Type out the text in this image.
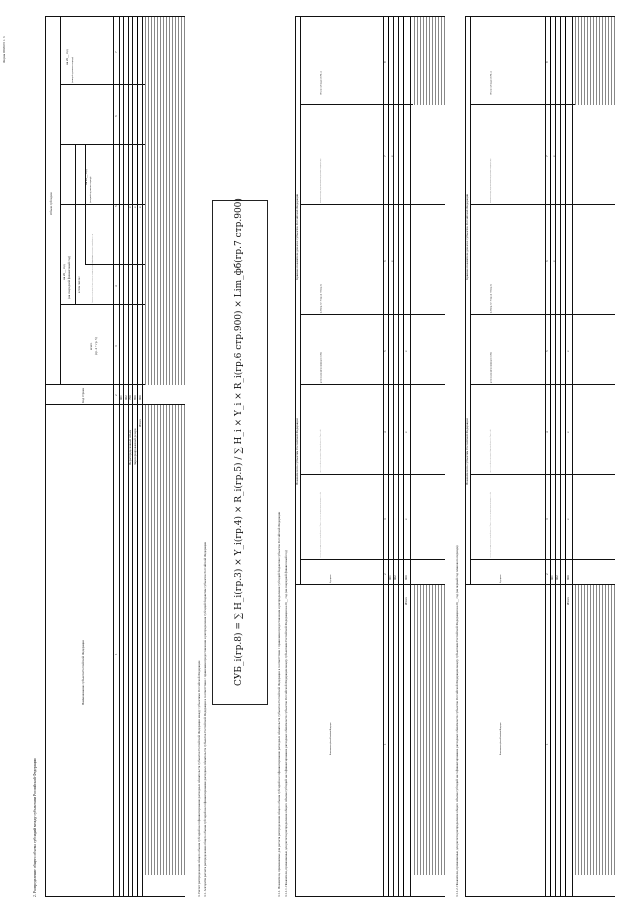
Форма 0503072 c. 3
2. Распределение общего объема субсидий между субъектами Российской Федерации
Наименование субъекта Российской Федерации
Код строки
Объем субсидии
на 20__ год (на очередной финансовый год)
всего (гр. 4 + гр. 5)
в том числе:	объем расходов на осуществление субсидии в соответствии с правилами распределения объемов субсидий
остатки средств, не использованных на начало финансового года
на 20__ год (на первый год планового периода)
на 20__ год (на второй год планового периода)
1
2
3
4
5
6
7
001 002
Нераспределенный объем
700
Зарезервированный резерв
800
Итого
900
x x x
3. Расчет распределения общего объема субсидий на софинансирование расходных обязательств субъектов Российской Федерации между субъектами Российской Федерации 3.1. Алгоритм расчета распределения общего объема субсидий на софинансирование расходных обязательств субъектов Российской Федерации в соответствии с правилами предоставления и распределения субсидий бюджетам субъектов Российской Федерации
СУБ_i(гр.8) = ∑ H_i(гр.3) × Y_i(гр.4) × R_i(гр.5) / ∑ H_i × Y_i × R_i(гр.6 стр.900) × Lim_фб(гр.7 стр.900)
3.1.1. Показатели, применяемые для расчета распределения общего объема субсидий на софинансирование расходных обязательств субъектов Российской Федерации в соответствии с правилами предоставления и распределения субсидий бюджетам субъектов Российской Федерации 3.1.1.1. Показатели, применяемые для расчета распределения общего объема субсидий на софинансирование расходных обязательств субъектов Российской Федерации между субъектами Российской Федерации на 20__ год (на очередной финансовый год)
Показатели по субъектам Российской Федерации
Краевые показатели для всех субъектов Российской Федерации
Наименование субъекта Российской Федерации
Код строки
численность населения, нуждающегося в мероприятиях субъекта Российской Федерации, по которым осуществляется государственная поддержка, тыс. чел. (Ni)
предельный уровень софинансирования расходного обязательства субъекта Российской Федерации, % (Yi)
региональный коэффициент (Ri)
∑ Hi(гр.3) × Yi(гр.4) × Ri(гр.5)
общий объем расходов, предусмотренный на предоставление субсидий (Lim_фб)
Объем субсидии (СУБ_i)
1
2
3
4
5
6
7
8
001 002
Итого
900
x
x
x
x
x
3.1.1.2. Показатели, применяемые для расчета распределения общего объема субсидий на софинансирование расходных обязательств субъектов Российской Федерации между субъектами Российской Федерации на 20__ год (на первый год планового периода)
Показатели по субъектам Российской Федерации
Краевые показатели для всех субъектов Российской Федерации
Наименование субъекта Российской Федерации
Код строки
численность населения, нуждающегося в мероприятиях субъекта Российской Федерации, по которым осуществляется государственная поддержка, тыс. чел. (Ni)
предельный уровень софинансирования расходного обязательства субъекта Российской Федерации, % (Yi)
региональный коэффициент (Ri)
∑ Hi(гр.3) × Yi(гр.4) × Ri(гр.5)
общий объем расходов, предусмотренный на предоставление субсидий (Lim_фб)
Объем субсидии (СУБ_i)
1
2
3
4
5
6
7
8
001 002
Итого
900
x
x
x
x
x
